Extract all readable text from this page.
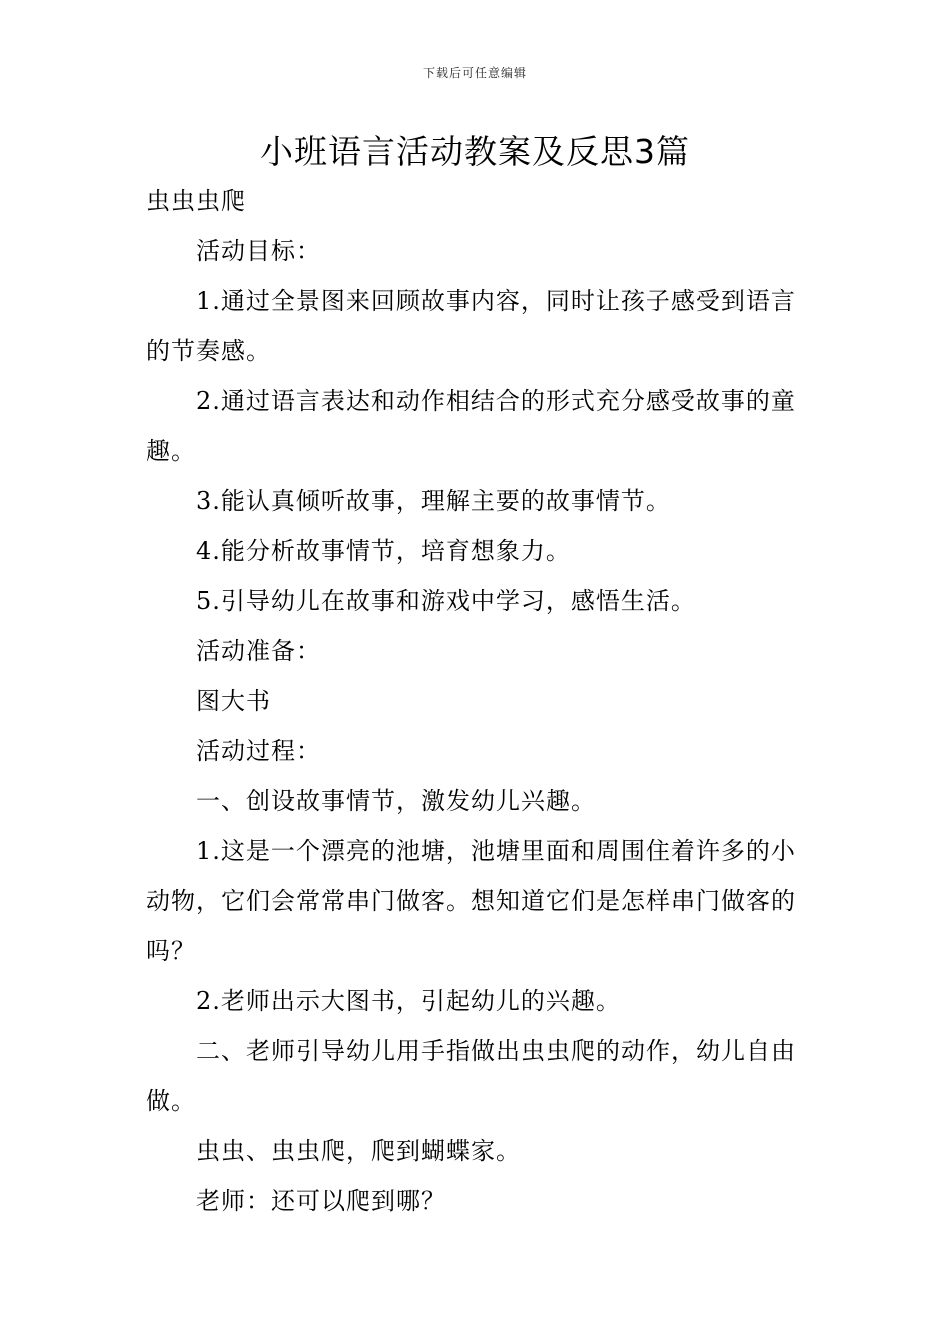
下载后可任意编辑
小班语言活动教案及反思3篇

虫虫虫爬

活动目标：

1.通过全景图来回顾故事内容，同时让孩子感受到语言的节奏感。

2.通过语言表达和动作相结合的形式充分感受故事的童趣。

3.能认真倾听故事，理解主要的故事情节。

4.能分析故事情节，培育想象力。

5.引导幼儿在故事和游戏中学习，感悟生活。

活动准备：

图大书

活动过程：

一、创设故事情节，激发幼儿兴趣。

1.这是一个漂亮的池塘，池塘里面和周围住着许多的小动物，它们会常常串门做客。想知道它们是怎样串门做客的吗？

2.老师出示大图书，引起幼儿的兴趣。

二、老师引导幼儿用手指做出虫虫爬的动作，幼儿自由做。

虫虫、虫虫爬，爬到蝴蝶家。

老师：还可以爬到哪？
